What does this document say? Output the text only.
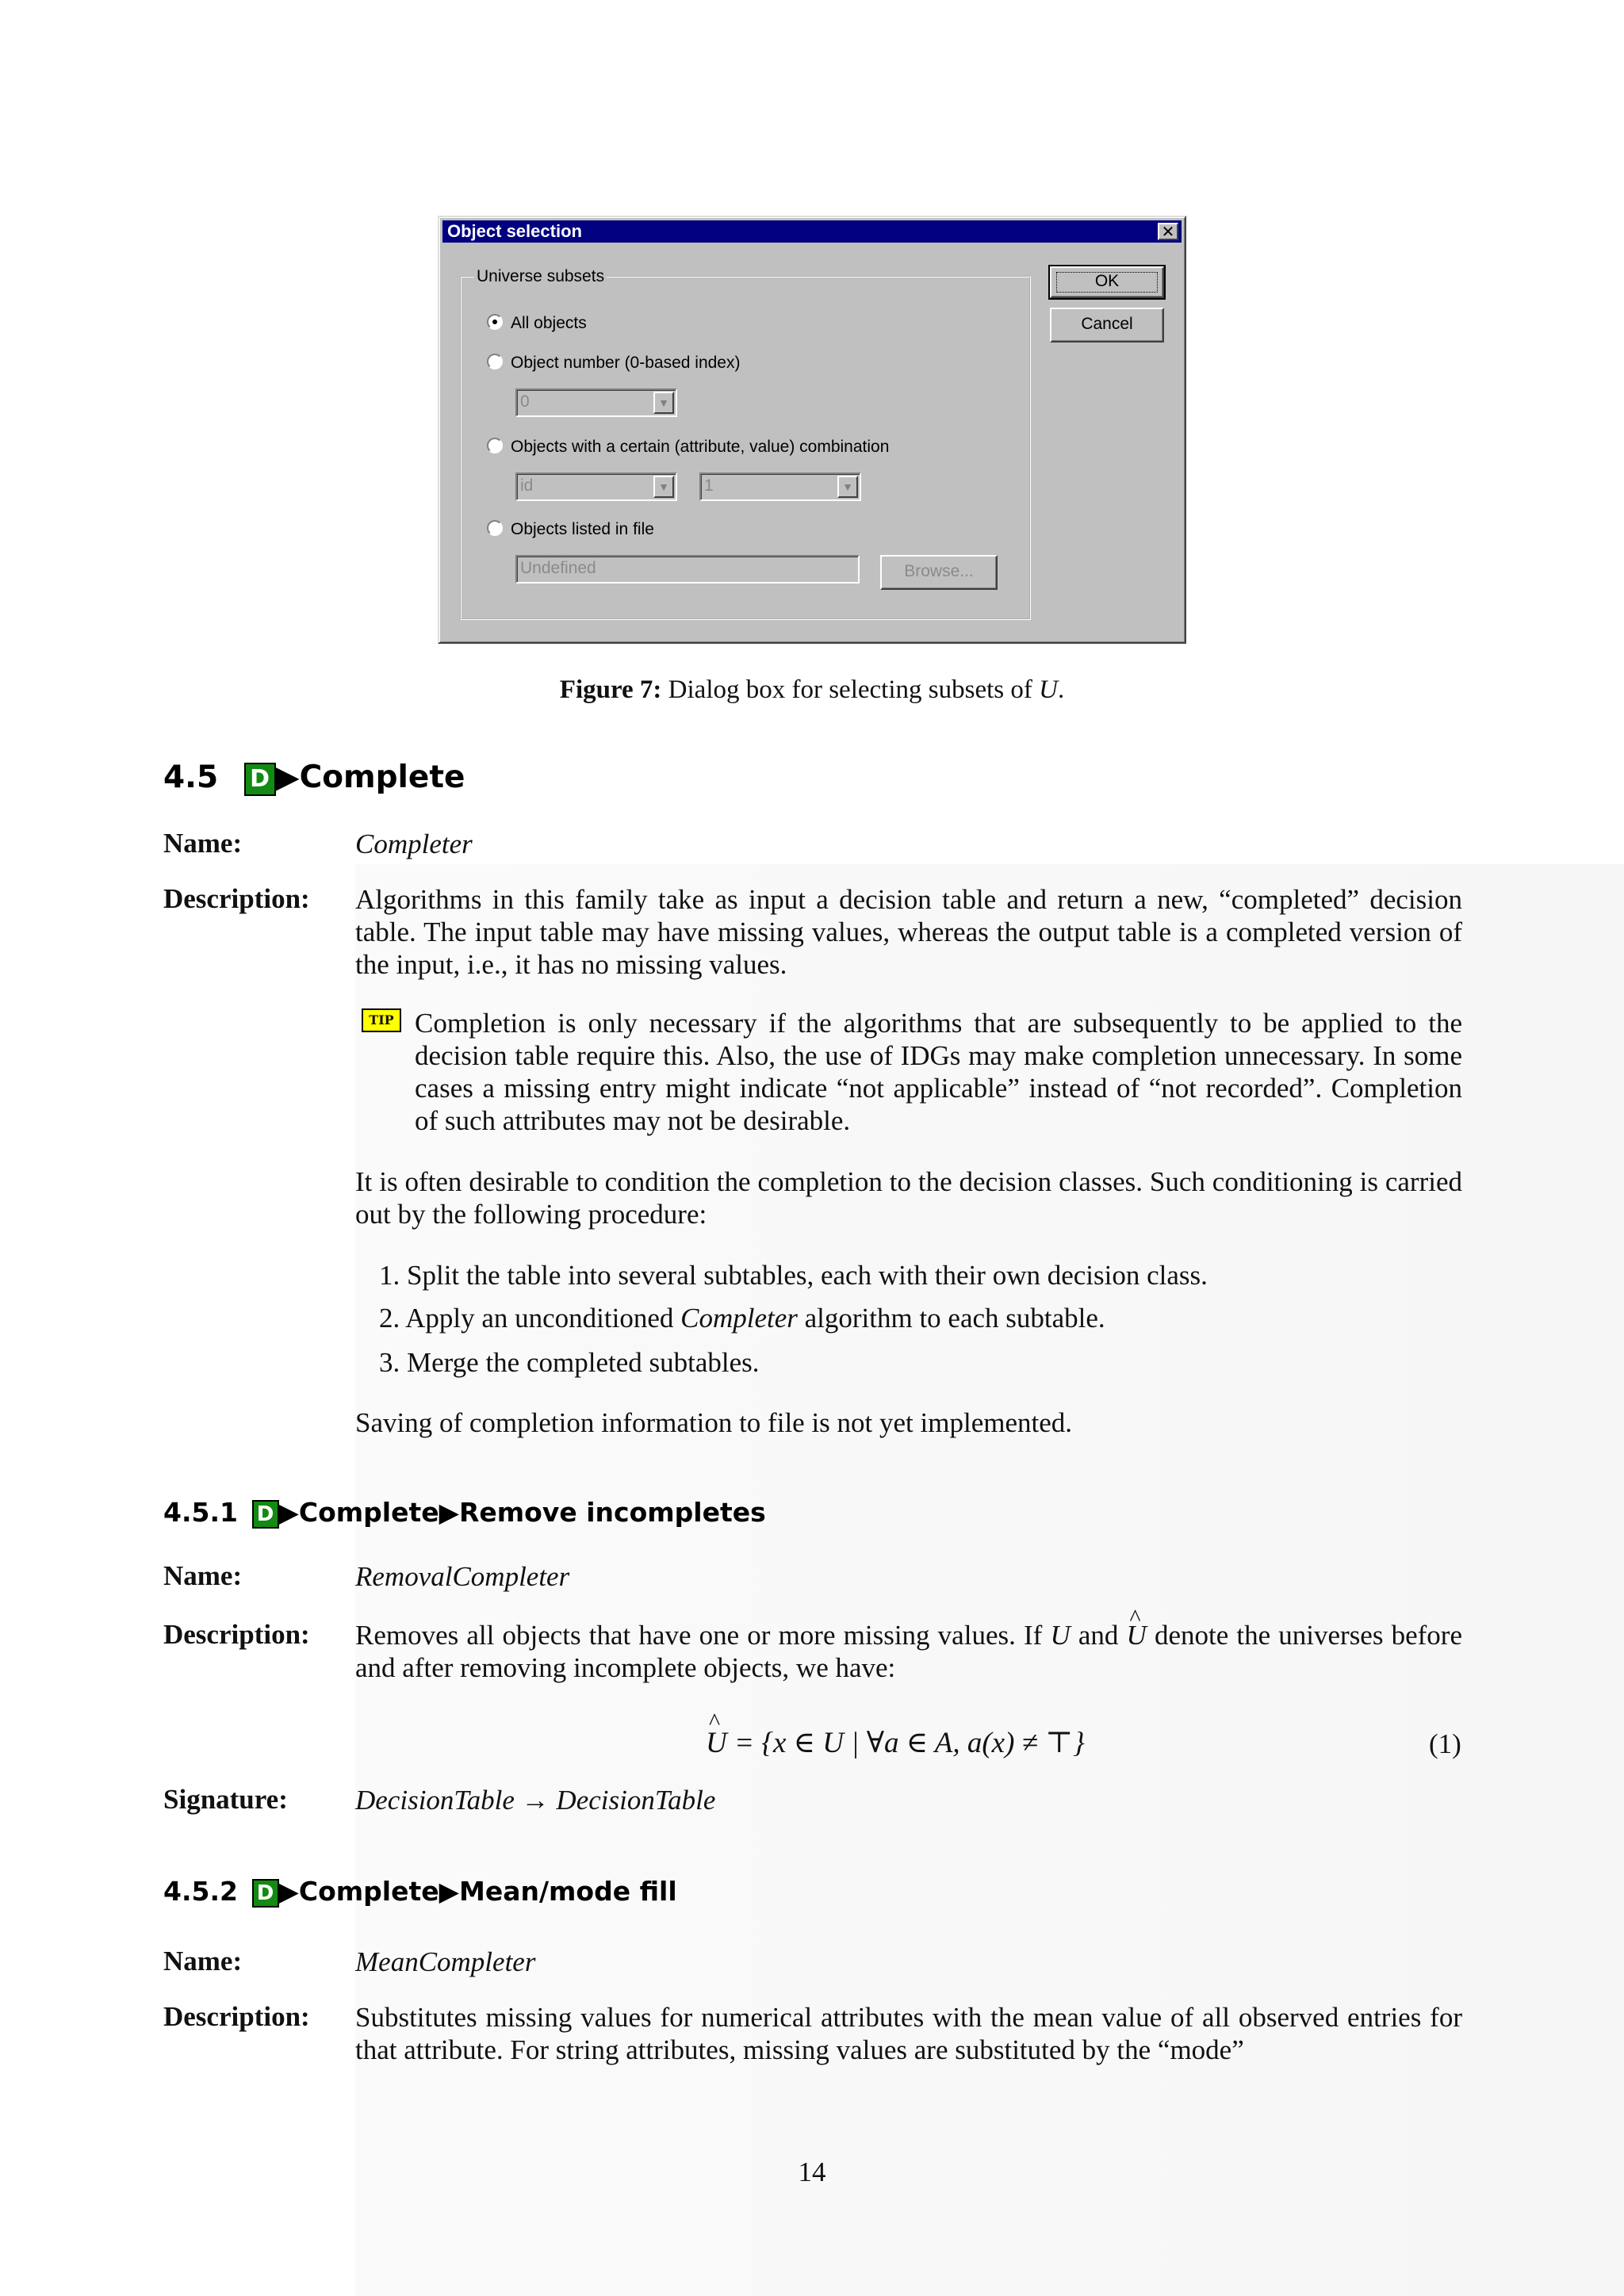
Object selection	✕
Universe subsets
All objects
Object number (0-based index)
0	▼
Objects with a certain (attribute, value) combination
id	▼ 1	▼
Objects listed in file
Undefined	Browse...
OK
Cancel
Figure 7: Dialog box for selecting subsets of U.
4.5 D ▶Complete
Name:	Completer
Description: Algorithms in this family take as input a decision table and return a new, “completed” decision table. The input table may have missing values, whereas the output table is a completed version of the input, i.e., it has no missing values.

TIP Completion is only necessary if the algorithms that are subsequently to be applied to the decision table require this. Also, the use of IDGs may make completion unnecessary. In some cases a missing entry might indicate “not applicable” instead of “not recorded”. Completion of such attributes may not be desirable.

It is often desirable to condition the completion to the decision classes. Such conditioning is carried out by the following procedure:

1. Split the table into several subtables, each with their own decision class.
2. Apply an unconditioned Completer algorithm to each subtable.
3. Merge the completed subtables.

Saving of completion information to file is not yet implemented.

4.5.1 D ▶Complete▶Remove incompletes
Name:	RemovalCompleter
Description: Removes all objects that have one or more missing values. If U and ^ U denote the universes before and after removing incomplete objects, we have:

^ U = {x ∈ U | ∀a ∈ A, a(x) ≠ ⊤}	(1)
Signature: DecisionTable → DecisionTable
4.5.2 D ▶Complete▶Mean/mode fill
Name:	MeanCompleter
Description: Substitutes missing values for numerical attributes with the mean value of all observed entries for that attribute. For string attributes, missing values are substituted by the “mode”

14
